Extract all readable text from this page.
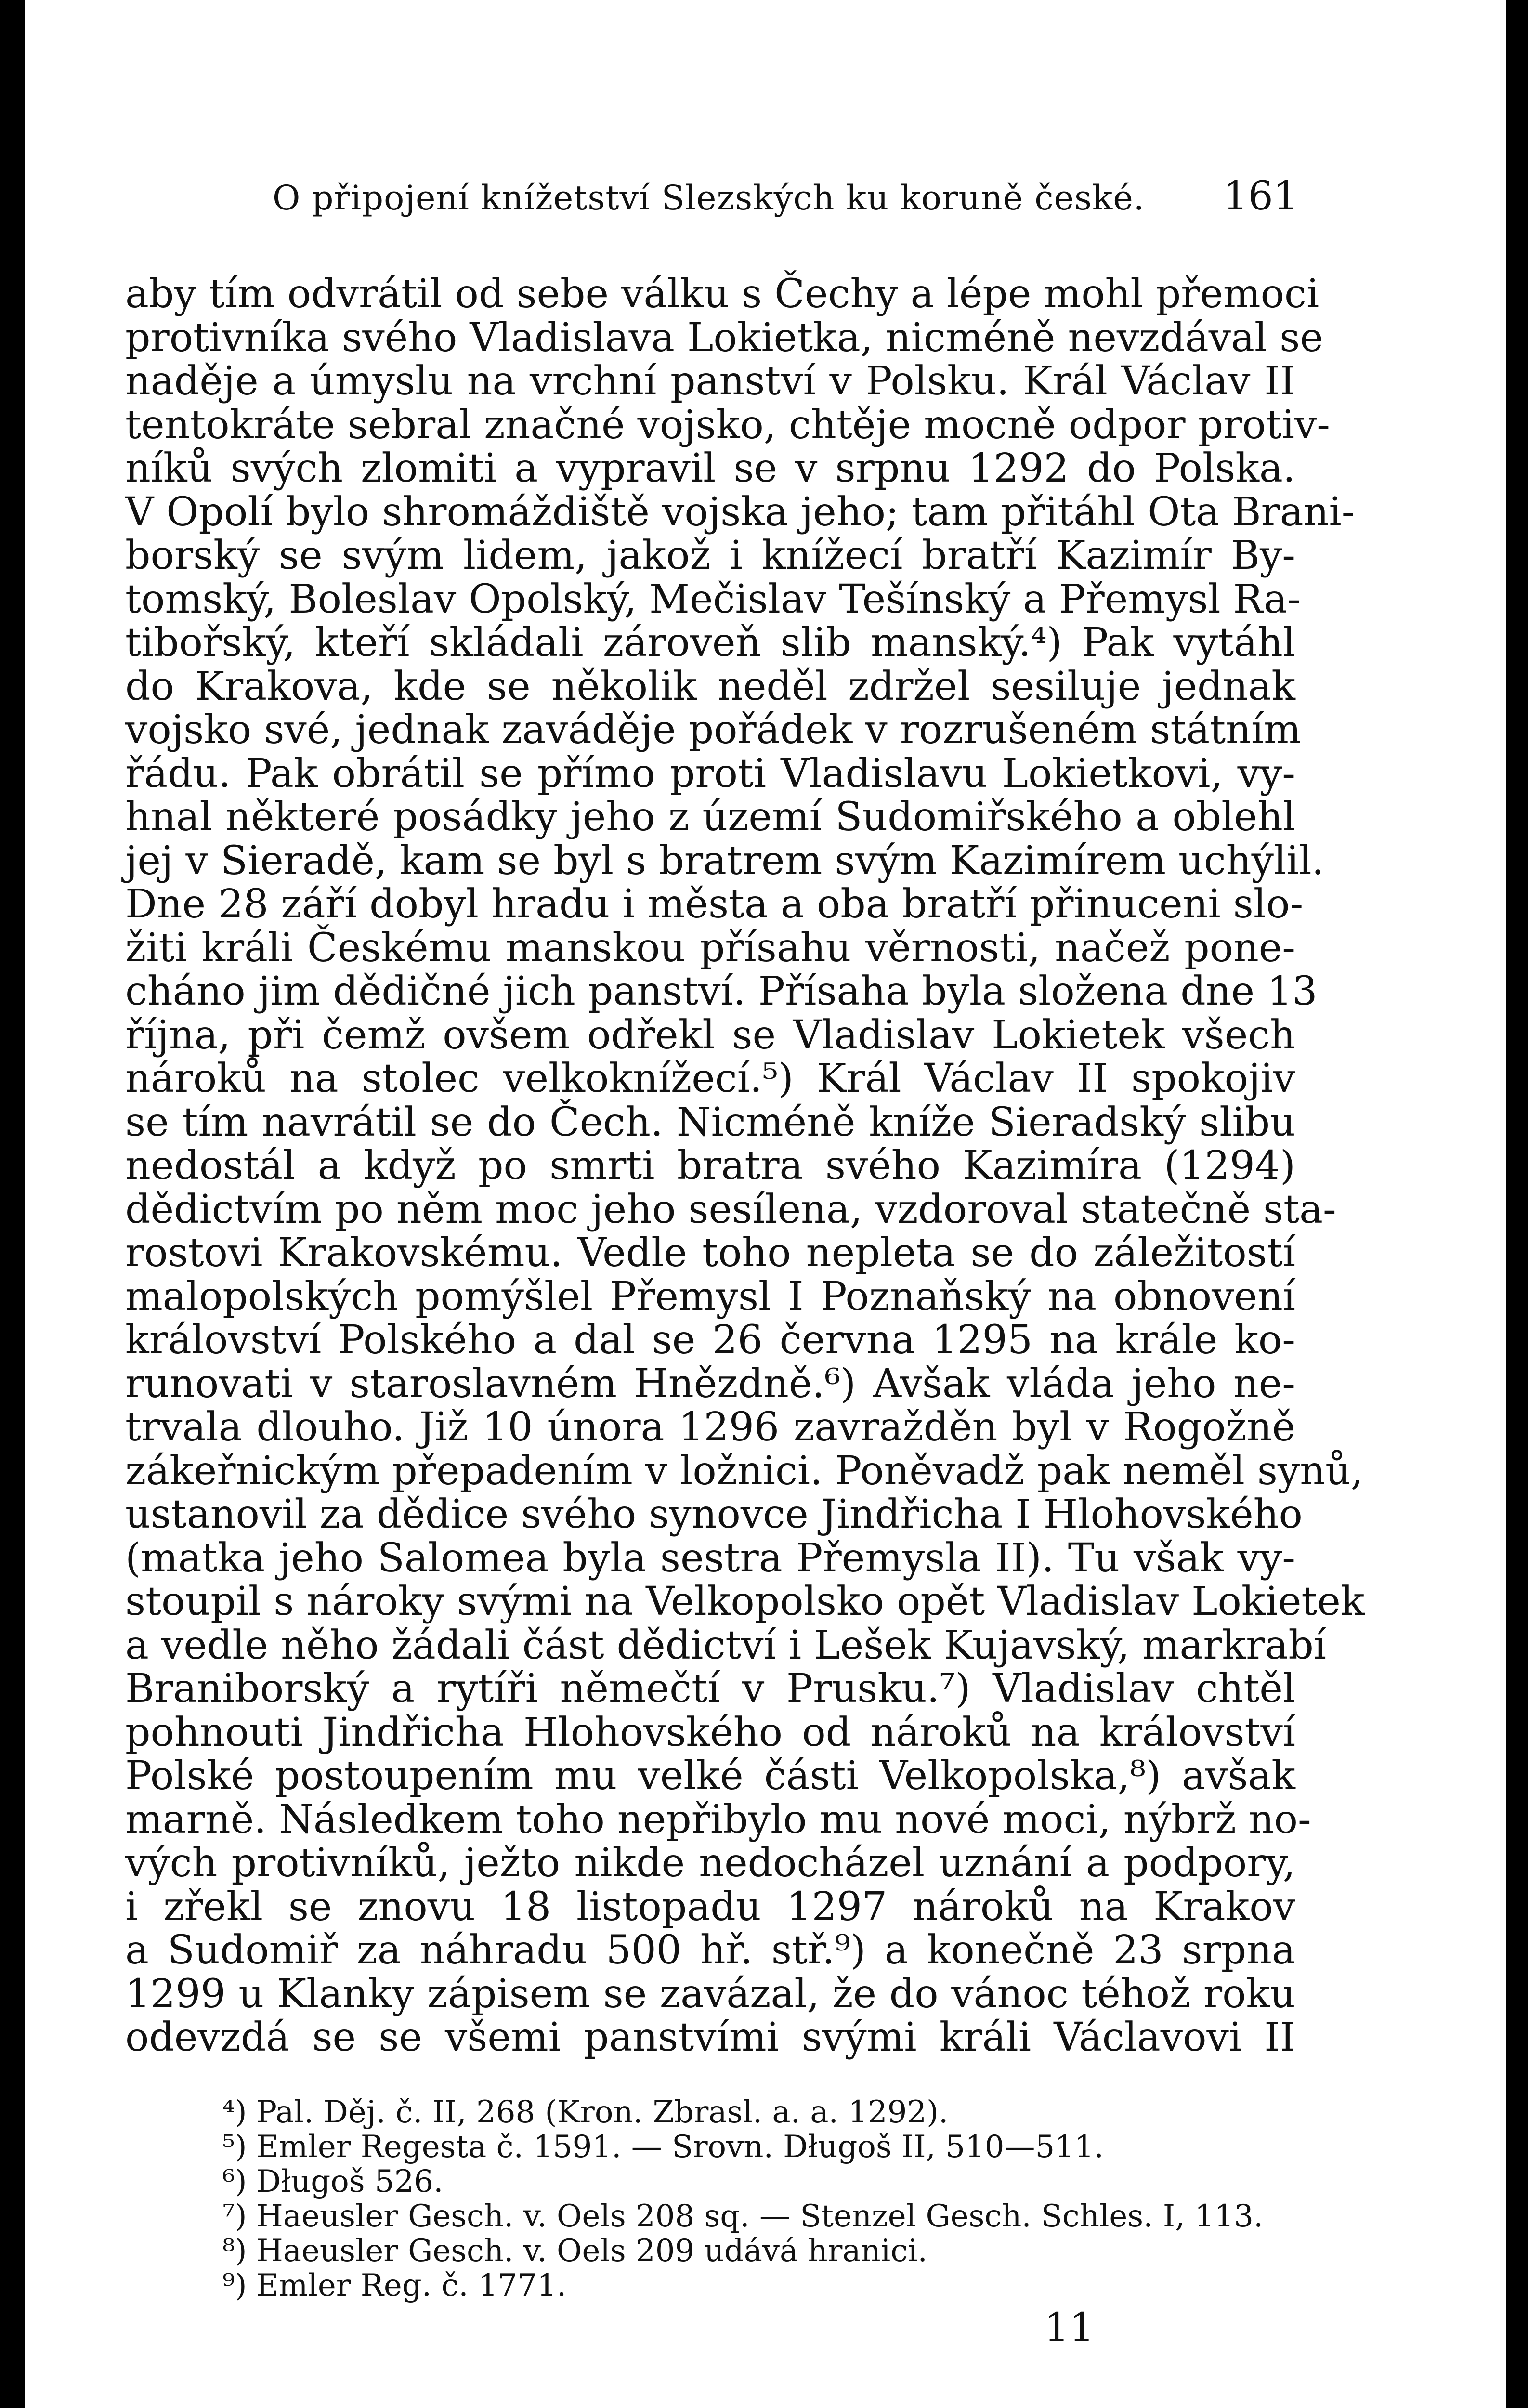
O připojení knížetství Slezských ku koruně české. 161
aby tím odvrátil od sebe válku s Čechy a lépe mohl přemoci
protivníka svého Vladislava Lokietka, nicméně nevzdával se
naděje a úmyslu na vrchní panství v Polsku. Král Václav II
tentokráte sebral značné vojsko, chtěje mocně odpor protiv-
níků svých zlomiti a vypravil se v srpnu 1292 do Polska.
V Opolí bylo shromáždiště vojska jeho; tam přitáhl Ota Brani-
borský se svým lidem, jakož i knížecí bratří Kazimír By-
tomský, Boleslav Opolský, Mečislav Tešínský a Přemysl Ra-
tibořský, kteří skládali zároveň slib manský.⁴) Pak vytáhl
do Krakova, kde se několik neděl zdržel sesiluje jednak
vojsko své, jednak zaváděje pořádek v rozrušeném státním
řádu. Pak obrátil se přímo proti Vladislavu Lokietkovi, vy-
hnal některé posádky jeho z území Sudomiřského a oblehl
jej v Sieradě, kam se byl s bratrem svým Kazimírem uchýlil.
Dne 28 září dobyl hradu i města a oba bratří přinuceni slo-
žiti králi Českému manskou přísahu věrnosti, načež pone-
cháno jim dědičné jich panství. Přísaha byla složena dne 13
října, při čemž ovšem odřekl se Vladislav Lokietek všech
nároků na stolec velkoknížecí.⁵) Král Václav II spokojiv
se tím navrátil se do Čech. Nicméně kníže Sieradský slibu
nedostál a když po smrti bratra svého Kazimíra (1294)
dědictvím po něm moc jeho sesílena, vzdoroval statečně sta-
rostovi Krakovskému. Vedle toho nepleta se do záležitostí
malopolských pomýšlel Přemysl I Poznaňský na obnovení
království Polského a dal se 26 června 1295 na krále ko-
runovati v staroslavném Hnězdně.⁶) Avšak vláda jeho ne-
trvala dlouho. Již 10 února 1296 zavražděn byl v Rogožně
zákeřnickým přepadením v ložnici. Poněvadž pak neměl synů,
ustanovil za dědice svého synovce Jindřicha I Hlohovského
(matka jeho Salomea byla sestra Přemysla II). Tu však vy-
stoupil s nároky svými na Velkopolsko opět Vladislav Lokietek
a vedle něho žádali část dědictví i Lešek Kujavský, markrabí
Braniborský a rytíři němečtí v Prusku.⁷) Vladislav chtěl
pohnouti Jindřicha Hlohovského od nároků na království
Polské postoupením mu velké části Velkopolska,⁸) avšak
marně. Následkem toho nepřibylo mu nové moci, nýbrž no-
vých protivníků, ježto nikde nedocházel uznání a podpory,
i zřekl se znovu 18 listopadu 1297 nároků na Krakov
a Sudomiř za náhradu 500 hř. stř.⁹) a konečně 23 srpna
1299 u Klanky zápisem se zavázal, že do vánoc téhož roku
odevzdá se se všemi panstvími svými králi Václavovi II
⁴) Pal. Děj. č. II, 268 (Kron. Zbrasl. a. a. 1292).
⁵) Emler Regesta č. 1591. — Srovn. Długoš II, 510—511.
⁶) Długoš 526.
⁷) Haeusler Gesch. v. Oels 208 sq. — Stenzel Gesch. Schles. I, 113.
⁸) Haeusler Gesch. v. Oels 209 udává hranici.
⁹) Emler Reg. č. 1771.
11
